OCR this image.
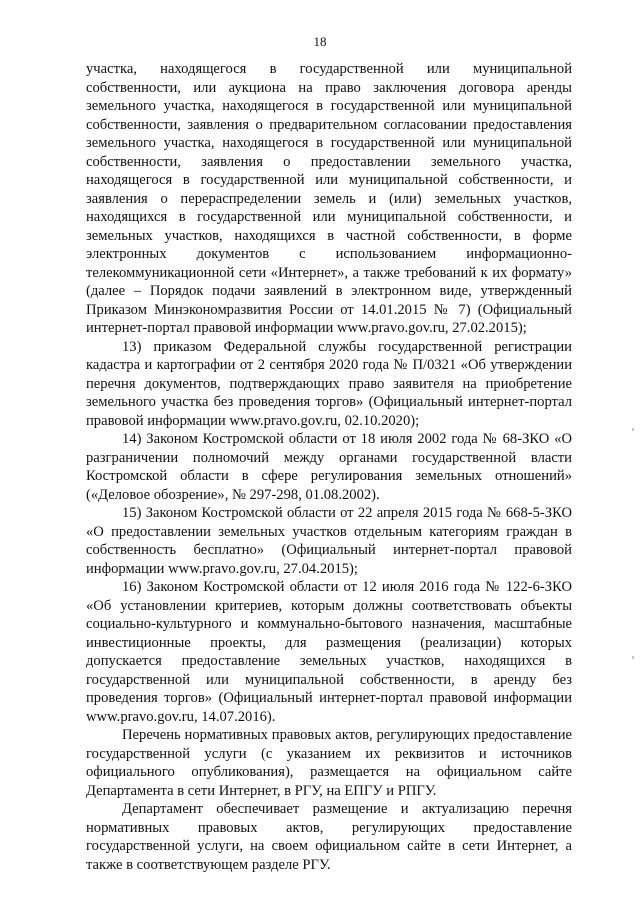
18

участка, находящегося в государственной или муниципальной собственности, или аукциона на право заключения договора аренды земельного участка, находящегося в государственной или муниципальной собственности, заявления о предварительном согласовании предоставления земельного участка, находящегося в государственной или муниципальной собственности, заявления о предоставлении земельного участка, находящегося в государственной или муниципальной собственности, и заявления о перераспределении земель и (или) земельных участков, находящихся в государственной или муниципальной собственности, и земельных участков, находящихся в частной собственности, в форме электронных документов с использованием информационно-телекоммуникационной сети «Интернет», а также требований к их формату» (далее – Порядок подачи заявлений в электронном виде, утвержденный Приказом Минэкономразвития России от 14.01.2015 № 7) (Официальный интернет-портал правовой информации www.pravo.gov.ru, 27.02.2015);

13) приказом Федеральной службы государственной регистрации кадастра и картографии от 2 сентября 2020 года № П/0321 «Об утверждении перечня документов, подтверждающих право заявителя на приобретение земельного участка без проведения торгов» (Официальный интернет-портал правовой информации www.pravo.gov.ru, 02.10.2020);

14) Законом Костромской области от 18 июля 2002 года № 68-ЗКО «О разграничении полномочий между органами государственной власти Костромской области в сфере регулирования земельных отношений» («Деловое обозрение», № 297-298, 01.08.2002).

15) Законом Костромской области от 22 апреля 2015 года № 668-5-ЗКО «О предоставлении земельных участков отдельным категориям граждан в собственность бесплатно» (Официальный интернет-портал правовой информации www.pravo.gov.ru, 27.04.2015);

16) Законом Костромской области от 12 июля 2016 года № 122-6-ЗКО «Об установлении критериев, которым должны соответствовать объекты социально-культурного и коммунально-бытового назначения, масштабные инвестиционные проекты, для размещения (реализации) которых допускается предоставление земельных участков, находящихся в государственной или муниципальной собственности, в аренду без проведения торгов» (Официальный интернет-портал правовой информации www.pravo.gov.ru, 14.07.2016).

Перечень нормативных правовых актов, регулирующих предоставление государственной услуги (с указанием их реквизитов и источников официального опубликования), размещается на официальном сайте Департамента в сети Интернет, в РГУ, на ЕПГУ и РПГУ.

Департамент обеспечивает размещение и актуализацию перечня нормативных правовых актов, регулирующих предоставление государственной услуги, на своем официальном сайте в сети Интернет, а также в соответствующем разделе РГУ.
